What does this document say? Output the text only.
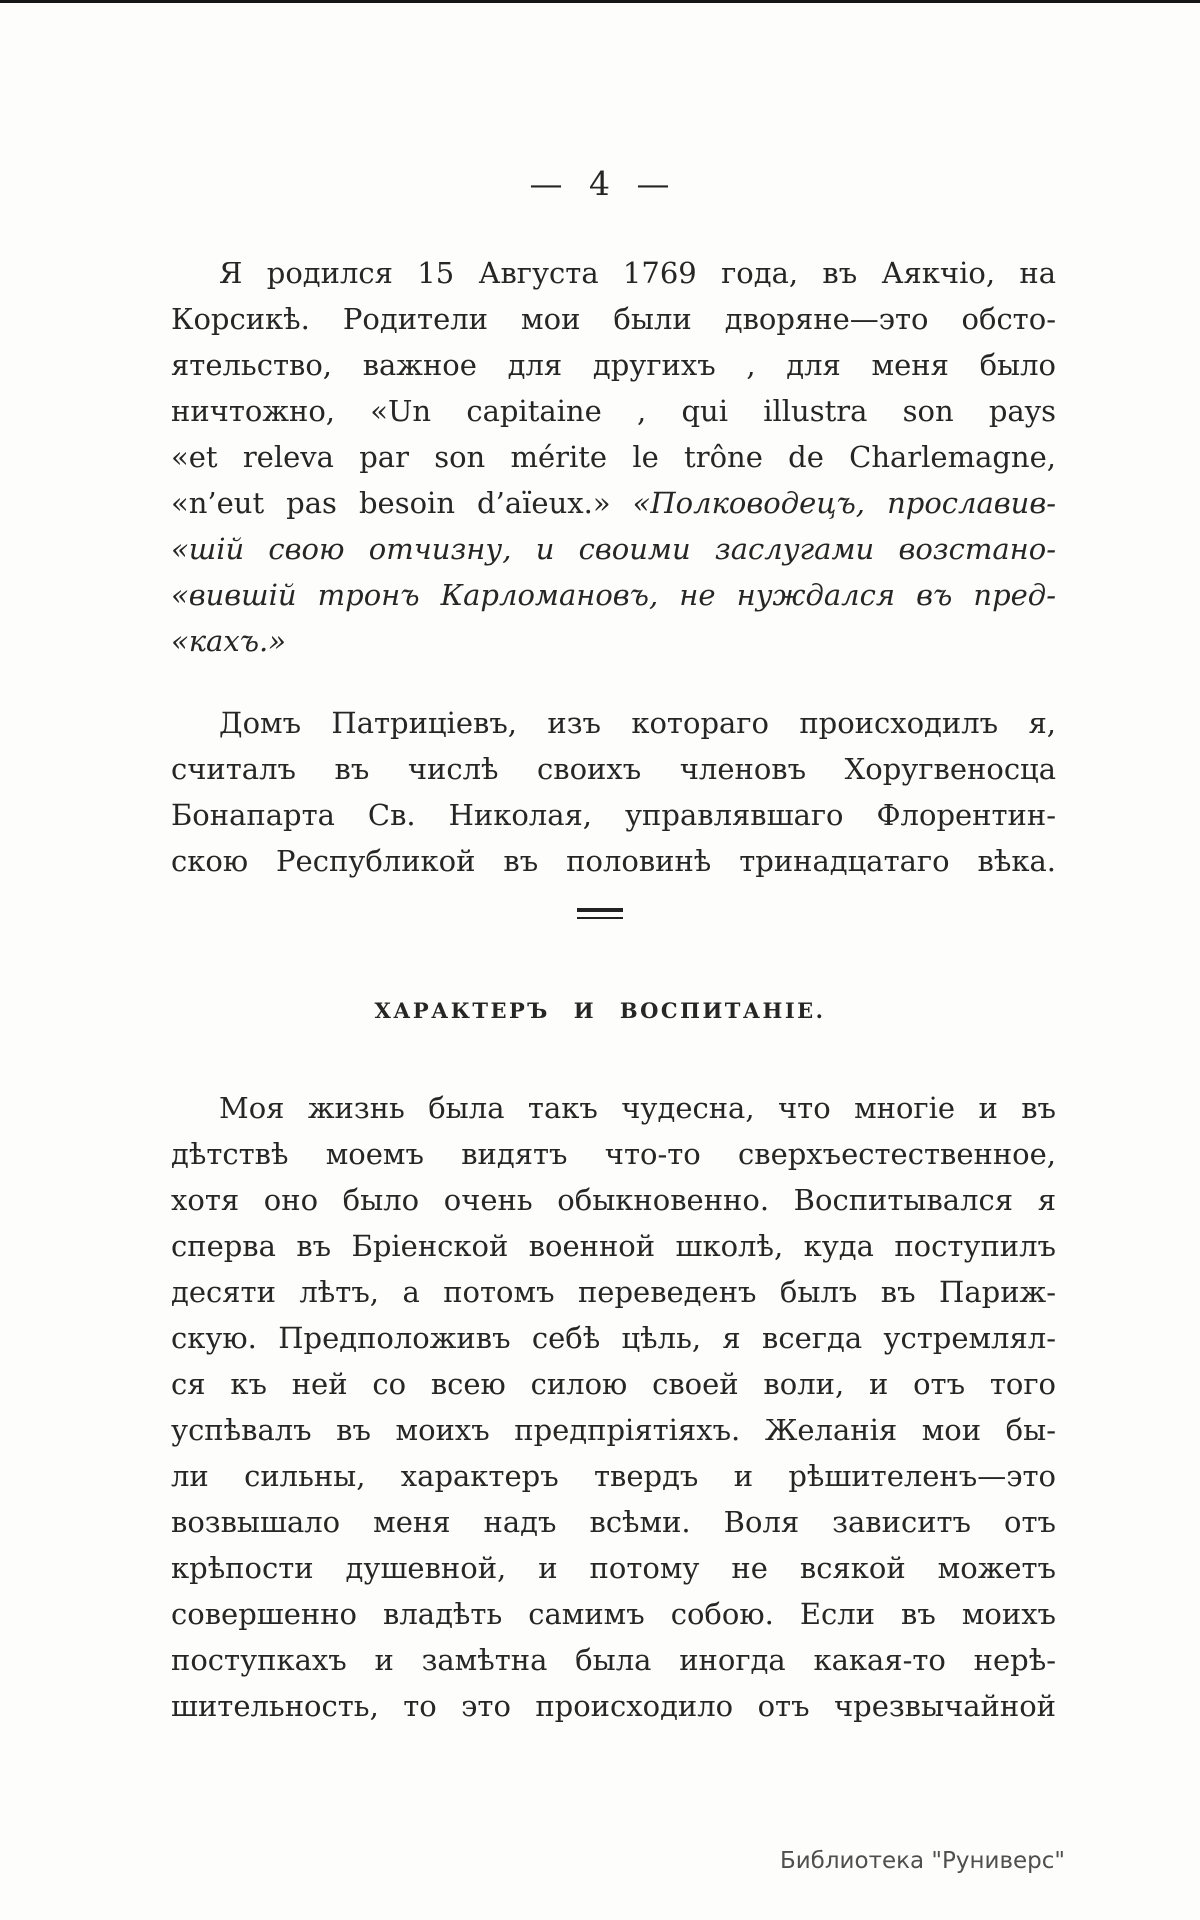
— 4 —
Я родился 15 Августа 1769 года, въ Аякчіо, на
Корсикѣ. Родители мои были дворяне—это обсто-
ятельство, важное для другихъ , для меня было
ничтожно, «Un capitaine , qui illustra son pays
«et releva par son mérite le trône de Charlemagne,
«n’eut pas besoin d’aïeux.» «Полководецъ, прославив-
«шій свою отчизну, и своими заслугами возстано-
«вившій тронъ Карломановъ, не нуждался въ пред-
«кахъ.»
Домъ Патриціевъ, изъ котораго происходилъ я,
считалъ въ числѣ своихъ членовъ Хоругвеносца
Бонапарта Св. Николая, управлявшаго Флорентин-
скою Республикой въ половинѣ тринадцатаго вѣка.
ХАРАКТЕРЪ И ВОСПИТАНІЕ.
Моя жизнь была такъ чудесна, что многіе и въ
дѣтствѣ моемъ видятъ что-то сверхъестественное,
хотя оно было очень обыкновенно. Воспитывался я
сперва въ Бріенской военной школѣ, куда поступилъ
десяти лѣтъ, а потомъ переведенъ былъ въ Париж-
скую. Предположивъ себѣ цѣль, я всегда устремлял-
ся къ ней со всею силою своей воли, и отъ того
успѣвалъ въ моихъ предпріятіяхъ. Желанія мои бы-
ли сильны, характеръ твердъ и рѣшителенъ—это
возвышало меня надъ всѣми. Воля зависитъ отъ
крѣпости душевной, и потому не всякой можетъ
совершенно владѣть самимъ собою. Если въ моихъ
поступкахъ и замѣтна была иногда какая-то нерѣ-
шительность, то это происходило отъ чрезвычайной
Библиотека "Руниверс"
